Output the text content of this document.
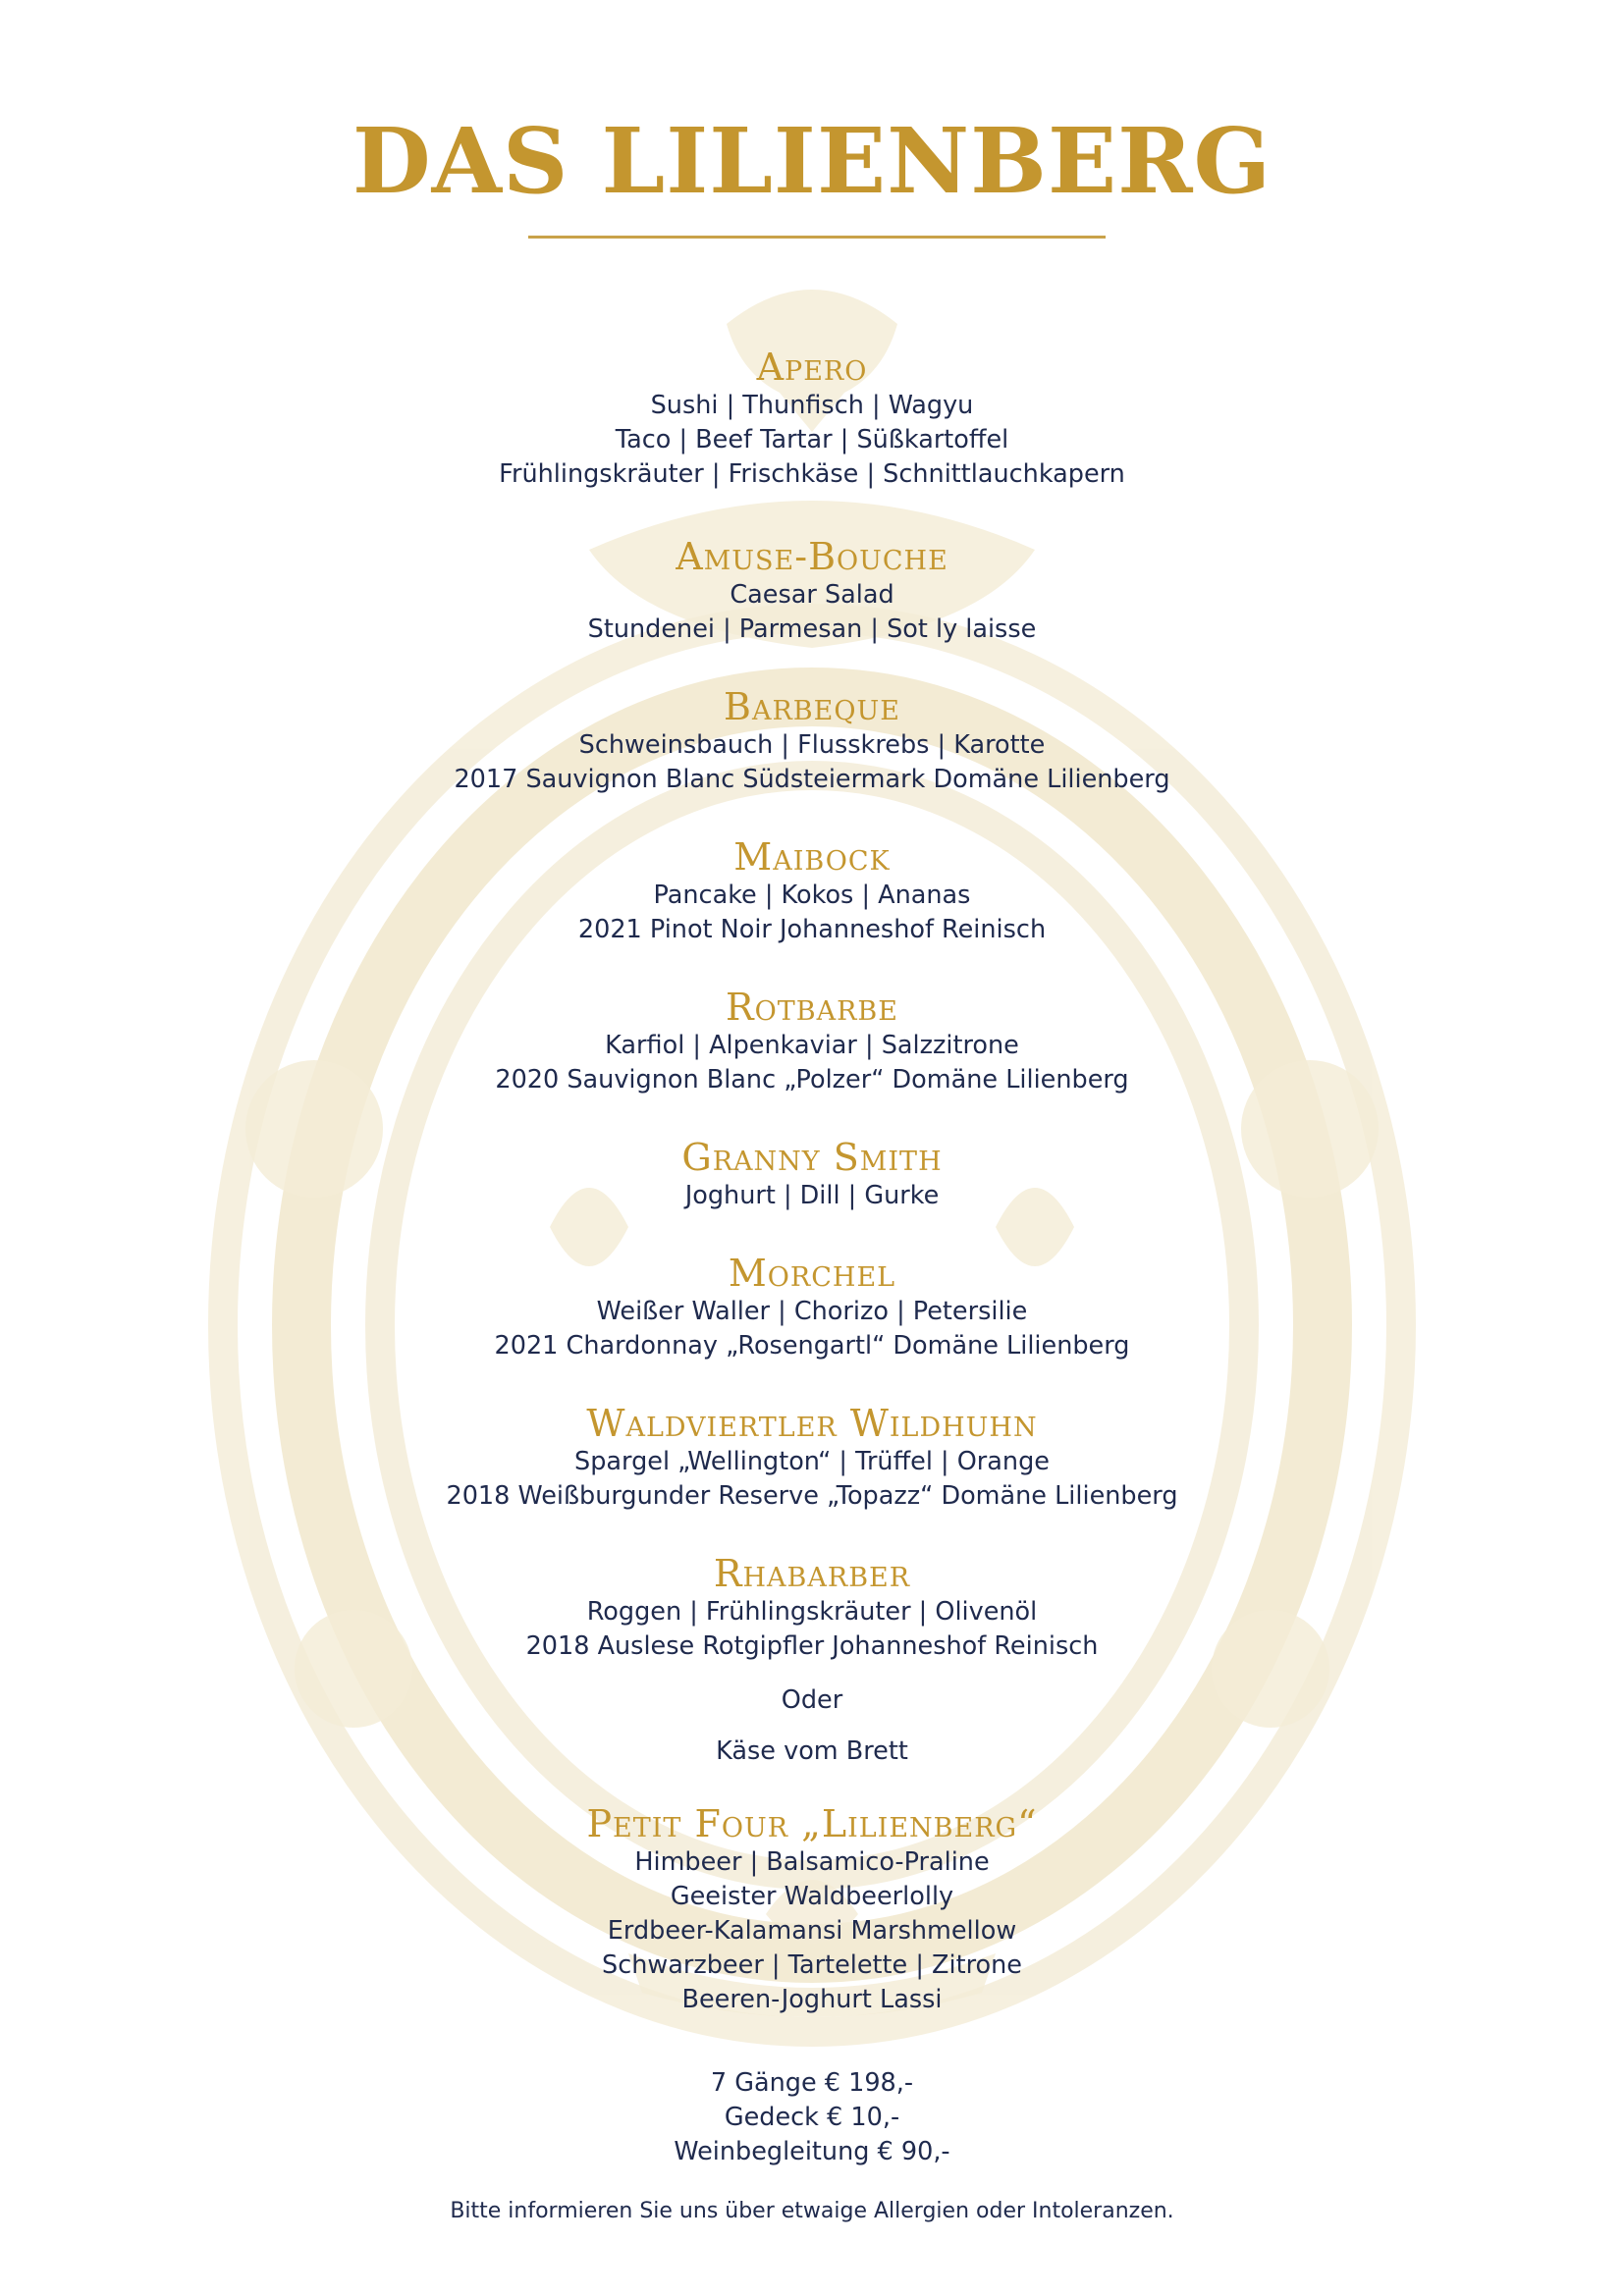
DAS LILIENBERG
Apero
Sushi | Thunfisch | Wagyu
Taco | Beef Tartar | Süßkartoffel
Frühlingskräuter | Frischkäse | Schnittlauchkapern
Amuse-Bouche
Caesar Salad
Stundenei | Parmesan | Sot ly laisse
Barbeque
Schweinsbauch | Flusskrebs | Karotte
2017 Sauvignon Blanc Südsteiermark Domäne Lilienberg
Maibock
Pancake | Kokos | Ananas
2021 Pinot Noir Johanneshof Reinisch
Rotbarbe
Karfiol | Alpenkaviar | Salzzitrone
2020 Sauvignon Blanc „Polzer“ Domäne Lilienberg
Granny Smith
Joghurt | Dill | Gurke
Morchel
Weißer Waller | Chorizo | Petersilie
2021 Chardonnay „Rosengartl“ Domäne Lilienberg
Waldviertler Wildhuhn
Spargel „Wellington“ | Trüffel | Orange
2018 Weißburgunder Reserve „Topazz“ Domäne Lilienberg
Rhabarber
Roggen | Frühlingskräuter | Olivenöl
2018 Auslese Rotgipfler Johanneshof Reinisch
Oder
Käse vom Brett
Petit Four „Lilienberg“
Himbeer | Balsamico-Praline
Geeister Waldbeerlolly
Erdbeer-Kalamansi Marshmellow
Schwarzbeer | Tartelette | Zitrone
Beeren-Joghurt Lassi
7 Gänge € 198,-
Gedeck € 10,-
Weinbegleitung € 90,-
Bitte informieren Sie uns über etwaige Allergien oder Intoleranzen.
